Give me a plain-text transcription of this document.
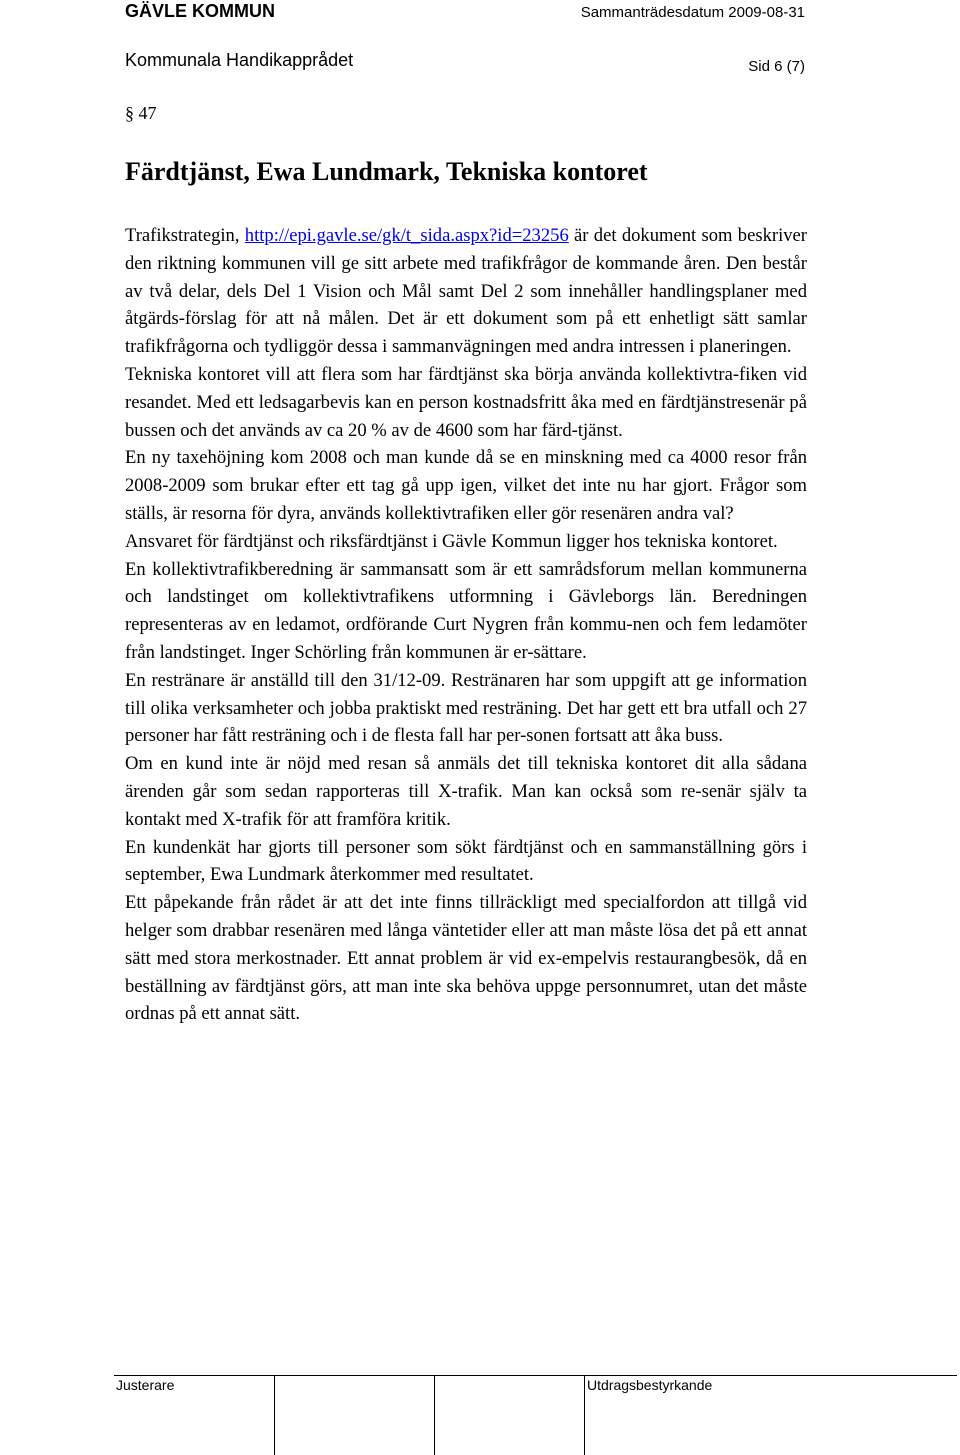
GÄVLE KOMMUN	Sammanträdesdatum 2009-08-31
Kommunala Handikapprådet	Sid 6 (7)
§ 47
Färdtjänst, Ewa Lundmark, Tekniska kontoret

Trafikstrategin, http://epi.gavle.se/gk/t_sida.aspx?id=23256 är det dokument som beskriver den riktning kommunen vill ge sitt arbete med trafikfrågor de kommande åren. Den består av två delar, dels Del 1 Vision och Mål samt Del 2 som innehåller handlingsplaner med åtgärds-förslag för att nå målen. Det är ett dokument som på ett enhetligt sätt samlar trafikfrågorna och tydliggör dessa i sammanvägningen med andra intressen i planeringen.

Tekniska kontoret vill att flera som har färdtjänst ska börja använda kollektivtra-fiken vid resandet. Med ett ledsagarbevis kan en person kostnadsfritt åka med en färdtjänstresenär på bussen och det används av ca 20 % av de 4600 som har färd-tjänst.

En ny taxehöjning kom 2008 och man kunde då se en minskning med ca 4000 resor från 2008-2009 som brukar efter ett tag gå upp igen, vilket det inte nu har gjort. Frågor som ställs, är resorna för dyra, används kollektivtrafiken eller gör resenären andra val?

Ansvaret för färdtjänst och riksfärdtjänst i Gävle Kommun ligger hos tekniska kontoret.

En kollektivtrafikberedning är sammansatt som är ett samrådsforum mellan kommunerna och landstinget om kollektivtrafikens utformning i Gävleborgs län. Beredningen representeras av en ledamot, ordförande Curt Nygren från kommu-nen och fem ledamöter från landstinget. Inger Schörling från kommunen är er-sättare.

En restränare är anställd till den 31/12-09. Restränaren har som uppgift att ge information till olika verksamheter och jobba praktiskt med resträning. Det har gett ett bra utfall och 27 personer har fått resträning och i de flesta fall har per-sonen fortsatt att åka buss.

Om en kund inte är nöjd med resan så anmäls det till tekniska kontoret dit alla sådana ärenden går som sedan rapporteras till X-trafik. Man kan också som re-senär själv ta kontakt med X-trafik för att framföra kritik.

En kundenkät har gjorts till personer som sökt färdtjänst och en sammanställning görs i september, Ewa Lundmark återkommer med resultatet.

Ett påpekande från rådet är att det inte finns tillräckligt med specialfordon att tillgå vid helger som drabbar resenären med långa väntetider eller att man måste lösa det på ett annat sätt med stora merkostnader. Ett annat problem är vid ex-empelvis restaurangbesök, då en beställning av färdtjänst görs, att man inte ska behöva uppge personnumret, utan det måste ordnas på ett annat sätt.

Justerare	Utdragsbestyrkande
